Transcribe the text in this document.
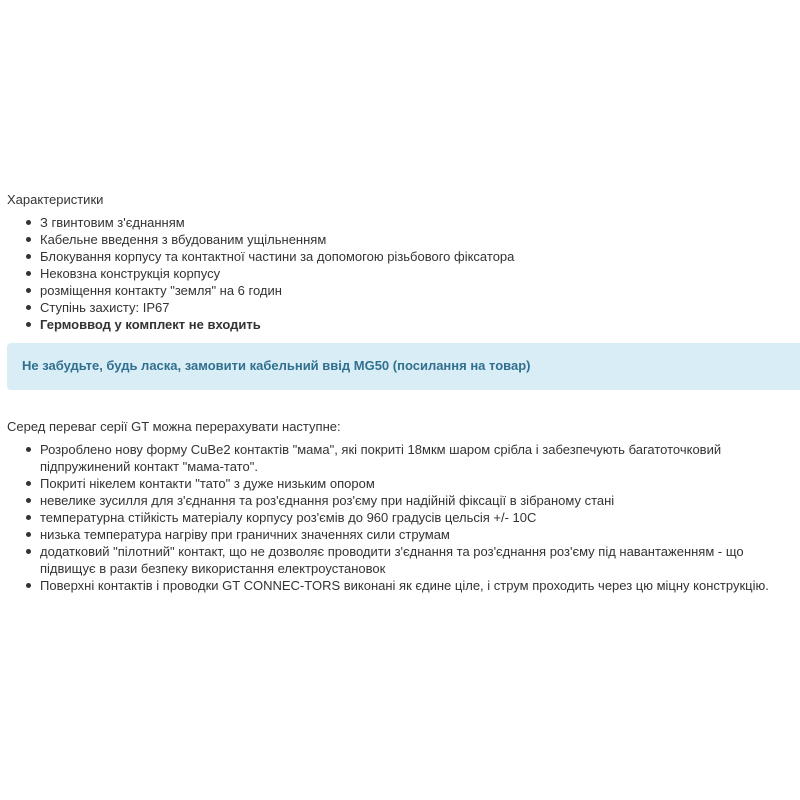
Характеристики
З гвинтовим з'єднанням
Кабельне введення з вбудованим ущільненням
Блокування корпусу та контактної частини за допомогою різьбового фіксатора
Нековзна конструкція корпусу
розміщення контакту "земля" на 6 годин
Ступінь захисту: IP67
Гермоввод у комплект не входить
Не забудьте, будь ласка, замовити кабельний ввід MG50 (посилання на товар)
Серед переваг серії GT можна перерахувати наступне:
Розроблено нову форму CuBe2 контактів "мама", які покриті 18мкм шаром срібла і забезпечують багатоточковий підпружинений контакт "мама-тато".
Покриті нікелем контакти "тато" з дуже низьким опором
невелике зусилля для з'єднання та роз'єднання роз'єму при надійній фіксації в зібраному стані
температурна стійкість матеріалу корпусу роз'ємів до 960 градусів цельсія +/- 10С
низька температура нагріву при граничних значеннях сили струмам
додатковий "пілотний" контакт, що не дозволяє проводити з'єднання та роз'єднання роз'єму під навантаженням - що підвищує в рази безпеку використання електроустановок
Поверхні контактів і проводки GT CONNEC-TORS виконані як єдине ціле, і струм проходить через цю міцну конструкцію.
